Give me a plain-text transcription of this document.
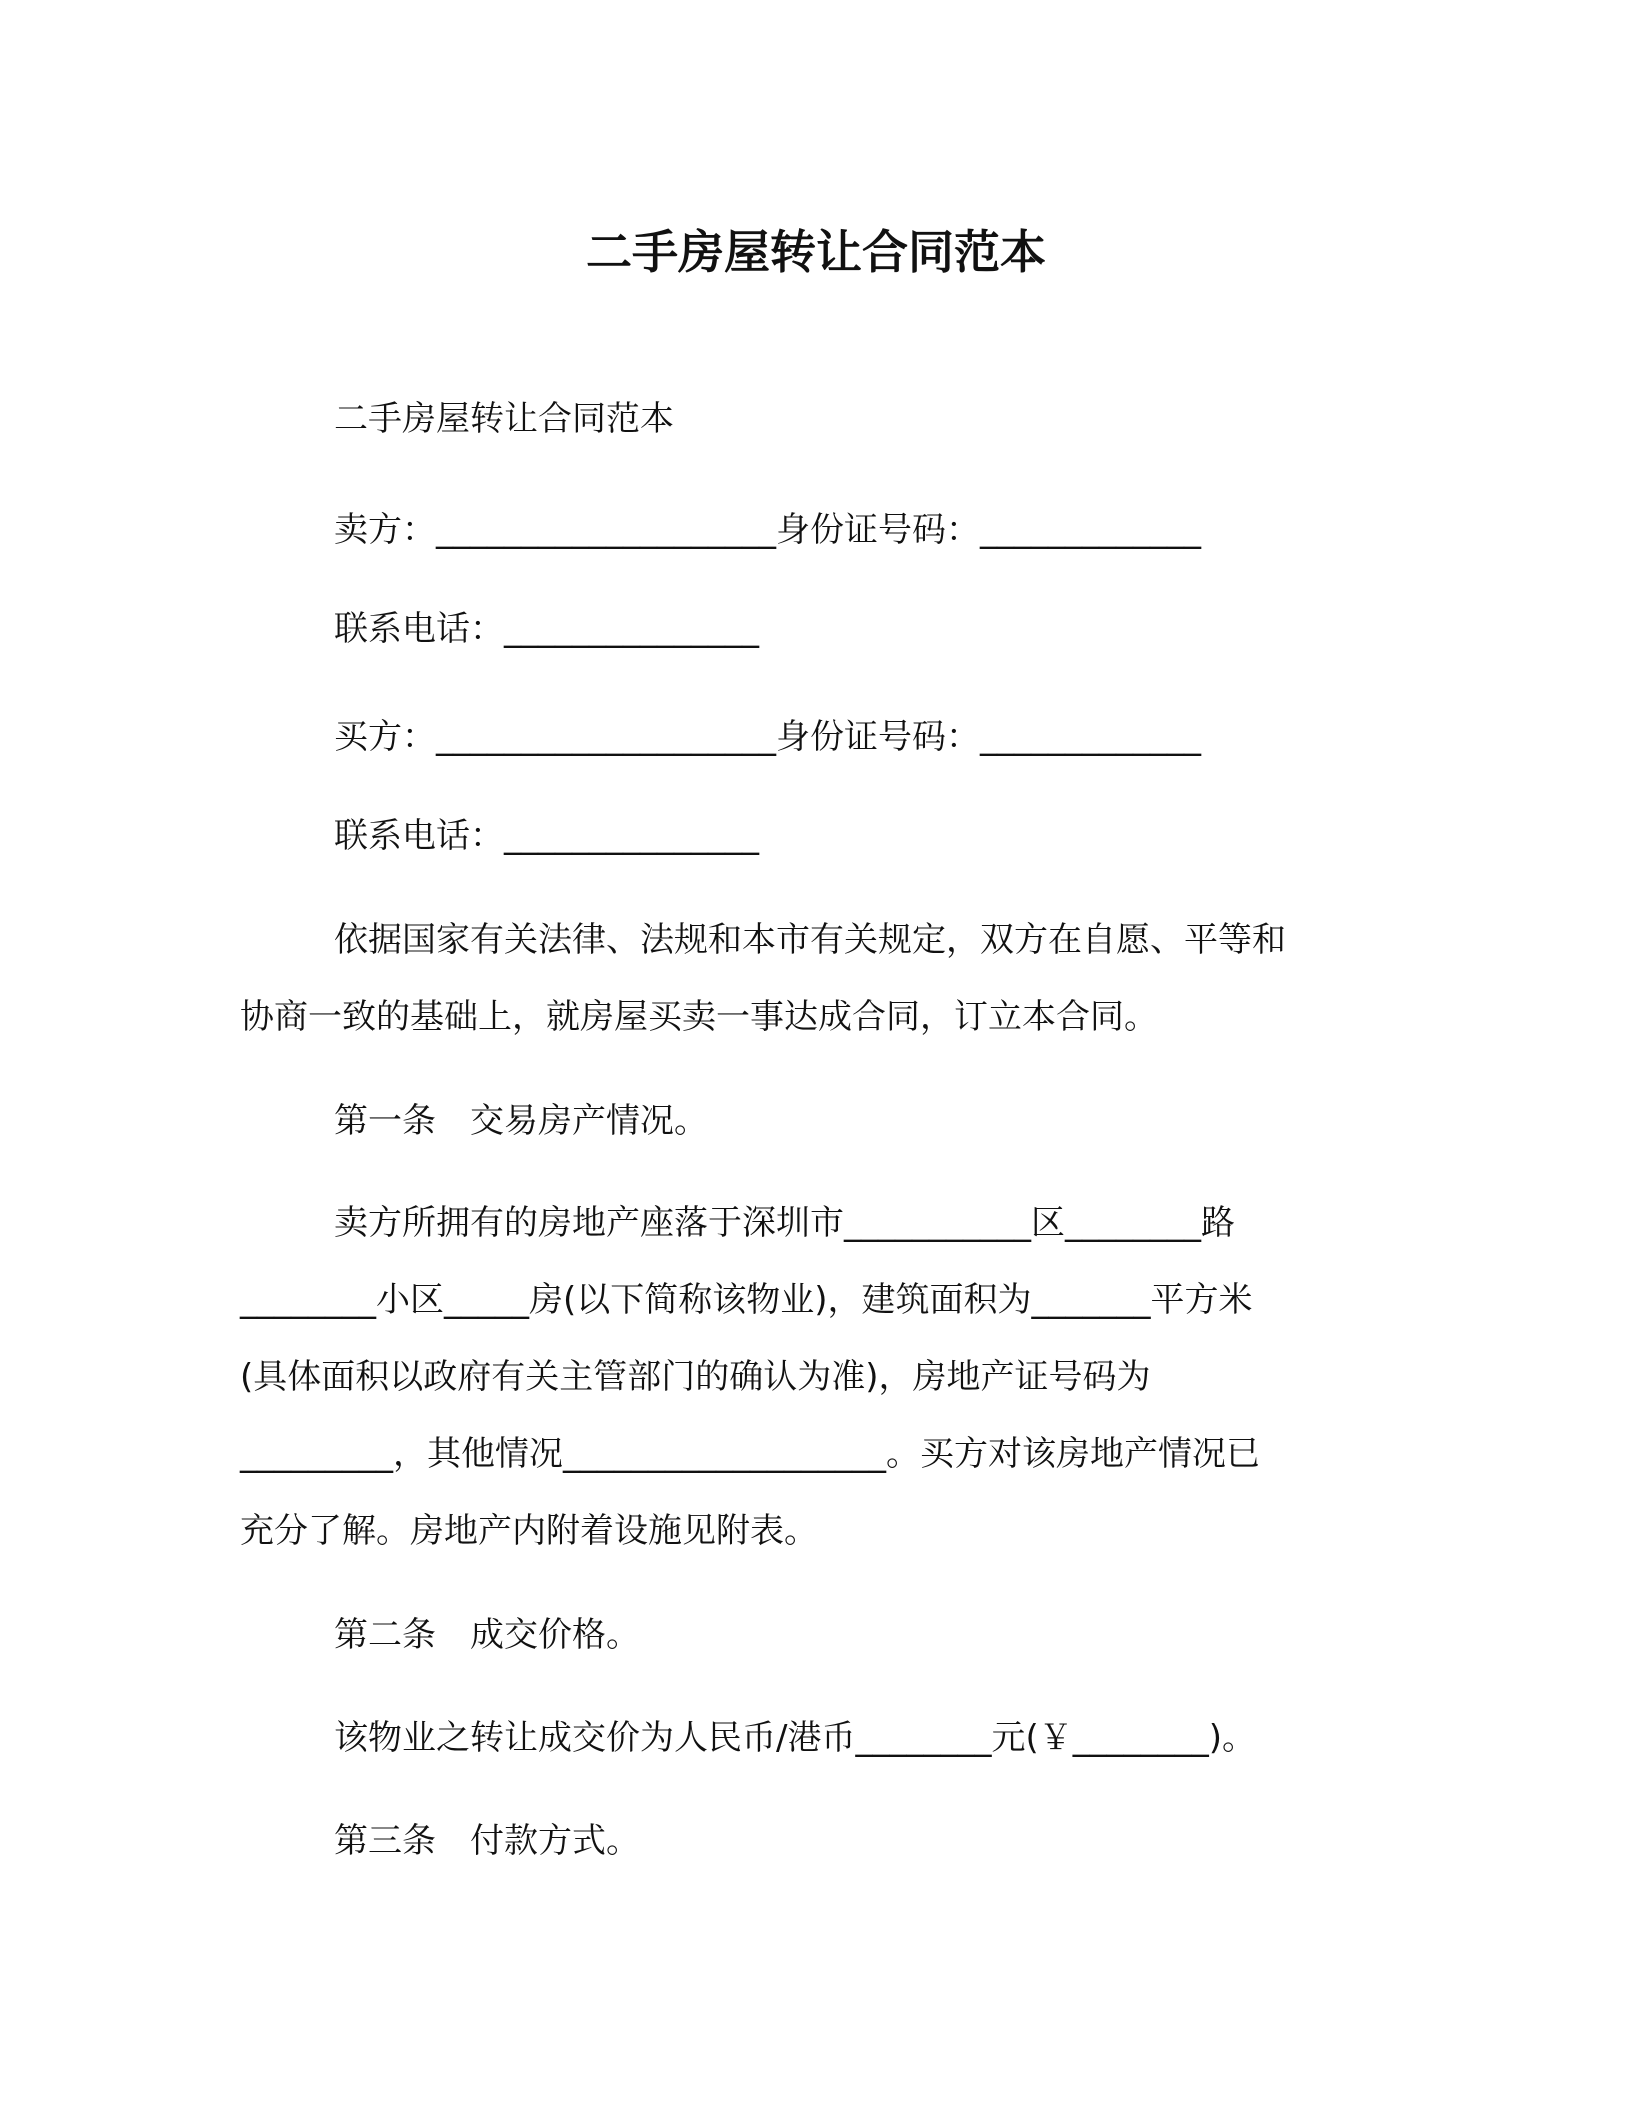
二手房屋转让合同范本
二手房屋转让合同范本
卖方：____________________身份证号码：_____________
联系电话：_______________
买方：____________________身份证号码：_____________
联系电话：_______________
依据国家有关法律、法规和本市有关规定，双方在自愿、平等和
协商一致的基础上，就房屋买卖一事达成合同，订立本合同。
第一条　交易房产情况。
卖方所拥有的房地产座落于深圳市___________区________路
________小区_____房(以下简称该物业)，建筑面积为_______平方米
(具体面积以政府有关主管部门的确认为准)，房地产证号码为
_________，其他情况___________________。买方对该房地产情况已
充分了解。房地产内附着设施见附表。
第二条　成交价格。
该物业之转让成交价为人民币/港币________元(￥________)。
第三条　付款方式。
